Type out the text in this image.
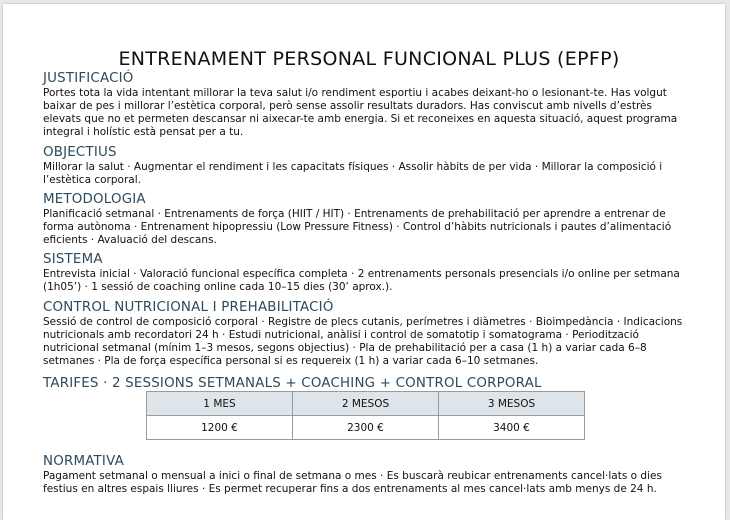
ENTRENAMENT PERSONAL FUNCIONAL PLUS (EPFP)
JUSTIFICACIÓ
Portes tota la vida intentant millorar la teva salut i/o rendiment esportiu i acabes deixant-ho o lesionant-te. Has volgut baixar de pes i millorar l’estètica corporal, però sense assolir resultats duradors. Has conviscut amb nivells d’estrès elevats que no et permeten descansar ni aixecar-te amb energia. Si et reconeixes en aquesta situació, aquest programa integral i holístic està pensat per a tu.
OBJECTIUS
Millorar la salut · Augmentar el rendiment i les capacitats físiques · Assolir hàbits de per vida · Millorar la composició i l’estètica corporal.
METODOLOGIA
Planificació setmanal · Entrenaments de força (HIIT / HIT) · Entrenaments de prehabilitació per aprendre a entrenar de forma autònoma · Entrenament hipopressiu (Low Pressure Fitness) · Control d’hàbits nutricionals i pautes d’alimentació eficients · Avaluació del descans.
SISTEMA
Entrevista inicial · Valoració funcional específica completa · 2 entrenaments personals presencials i/o online per setmana (1h05’) · 1 sessió de coaching online cada 10–15 dies (30’ aprox.).
CONTROL NUTRICIONAL I PREHABILITACIÓ
Sessió de control de composició corporal · Registre de plecs cutanis, perímetres i diàmetres · Bioimpedància · Indicacions nutricionals amb recordatori 24 h · Estudi nutricional, anàlisi i control de somatotip i somatograma · Periodització nutricional setmanal (mínim 1–3 mesos, segons objectius) · Pla de prehabilitació per a casa (1 h) a variar cada 6–8 setmanes · Pla de força específica personal si es requereix (1 h) a variar cada 6–10 setmanes.
TARIFES · 2 SESSIONS SETMANALS + COACHING + CONTROL CORPORAL
1 MES	2 MESOS	3 MESOS
1200 €	2300 €	3400 €
NORMATIVA
Pagament setmanal o mensual a inici o final de setmana o mes · Es buscarà reubicar entrenaments cancel·lats o dies festius en altres espais lliures · Es permet recuperar fins a dos entrenaments al mes cancel·lats amb menys de 24 h.
